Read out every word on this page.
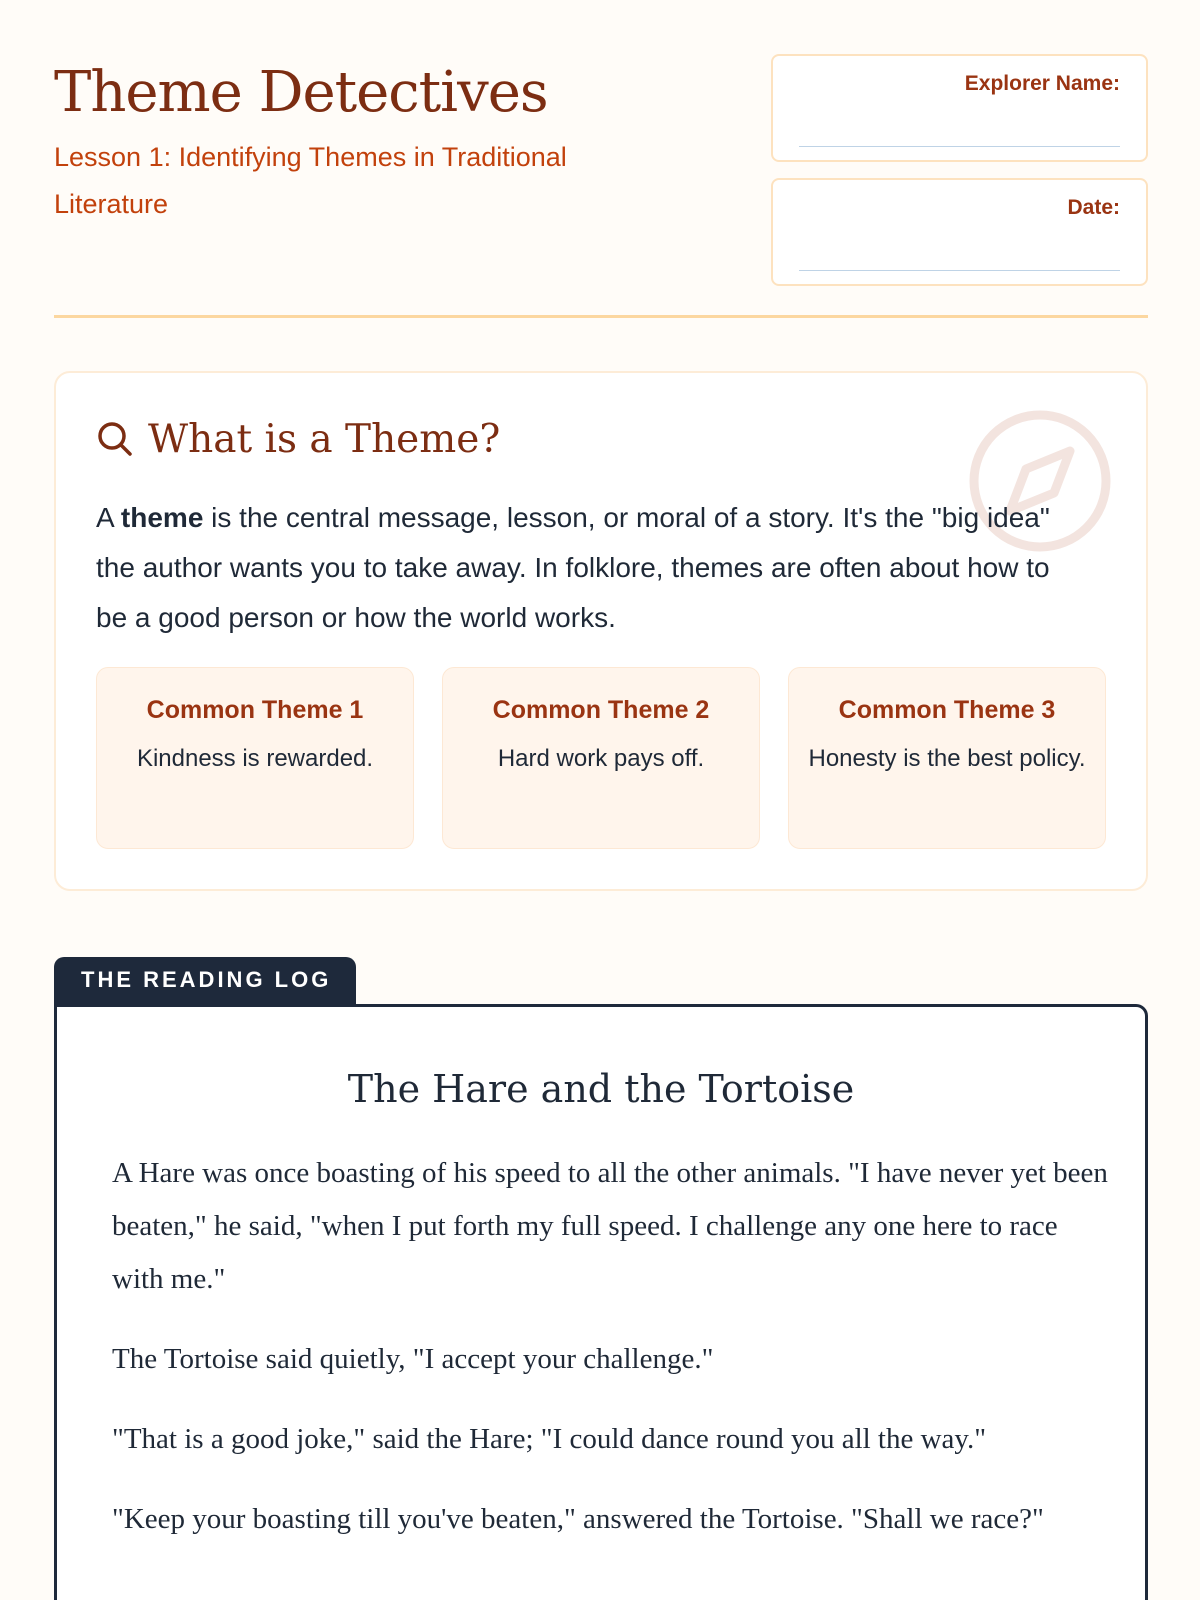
Theme Detectives
Lesson 1: Identifying Themes in Traditional Literature
Explorer Name:
Date:
What is a Theme?

A theme is the central message, lesson, or moral of a story. It's the "big idea" the author wants you to take away. In folklore, themes are often about how to be a good person or how the world works.

Common Theme 1
Kindness is rewarded.
Common Theme 2
Hard work pays off.
Common Theme 3
Honesty is the best policy.
THE READING LOG
The Hare and the Tortoise

A Hare was once boasting of his speed to all the other animals. "I have never yet been beaten," he said, "when I put forth my full speed. I challenge any one here to race with me."

The Tortoise said quietly, "I accept your challenge."

"That is a good joke," said the Hare; "I could dance round you all the way."

"Keep your boasting till you've beaten," answered the Tortoise. "Shall we race?"
